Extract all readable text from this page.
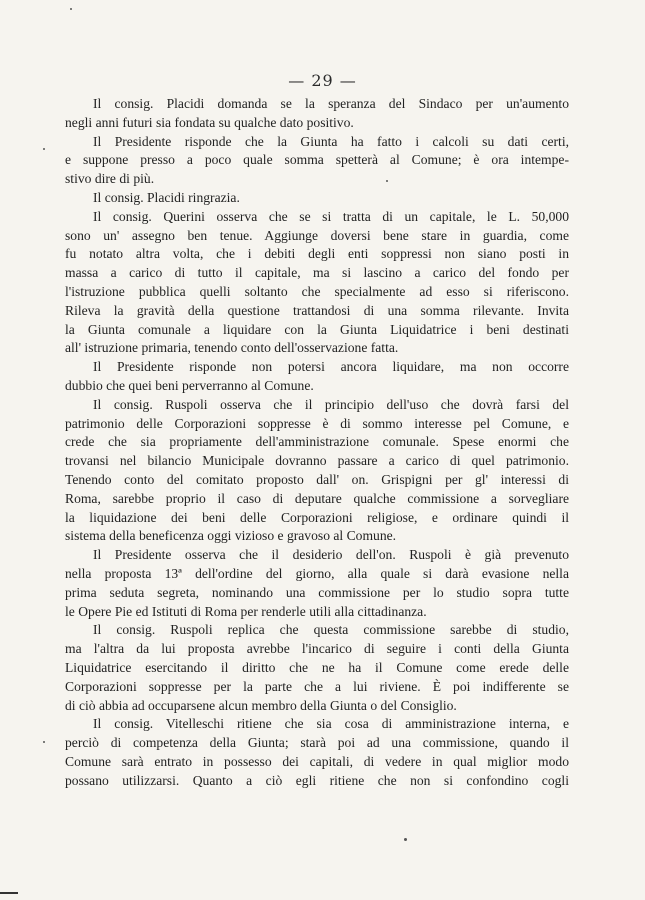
— 29 —
Il consig. Placidi domanda se la speranza del Sindaco per un'aumento
negli anni futuri sia fondata su qualche dato positivo.
Il Presidente risponde che la Giunta ha fatto i calcoli su dati certi,
e suppone presso a poco quale somma spetterà al Comune; è ora intempe-
stivo dire di più.
Il consig. Placidi ringrazia.
Il consig. Querini osserva che se si tratta di un capitale, le L. 50,000
sono un' assegno ben tenue. Aggiunge doversi bene stare in guardia, come
fu notato altra volta, che i debiti degli enti soppressi non siano posti in
massa a carico di tutto il capitale, ma si lascino a carico del fondo per
l'istruzione pubblica quelli soltanto che specialmente ad esso si riferiscono.
Rileva la gravità della questione trattandosi di una somma rilevante. Invita
la Giunta comunale a liquidare con la Giunta Liquidatrice i beni destinati
all' istruzione primaria, tenendo conto dell'osservazione fatta.
Il Presidente risponde non potersi ancora liquidare, ma non occorre
dubbio che quei beni perverranno al Comune.
Il consig. Ruspoli osserva che il principio dell'uso che dovrà farsi del
patrimonio delle Corporazioni soppresse è di sommo interesse pel Comune, e
crede che sia propriamente dell'amministrazione comunale. Spese enormi che
trovansi nel bilancio Municipale dovranno passare a carico di quel patrimonio.
Tenendo conto del comitato proposto dall' on. Grispigni per gl' interessi di
Roma, sarebbe proprio il caso di deputare qualche commissione a sorvegliare
la liquidazione dei beni delle Corporazioni religiose, e ordinare quindi il
sistema della beneficenza oggi vizioso e gravoso al Comune.
Il Presidente osserva che il desiderio dell'on. Ruspoli è già prevenuto
nella proposta 13ª dell'ordine del giorno, alla quale si darà evasione nella
prima seduta segreta, nominando una commissione per lo studio sopra tutte
le Opere Pie ed Istituti di Roma per renderle utili alla cittadinanza.
Il consig. Ruspoli replica che questa commissione sarebbe di studio,
ma l'altra da lui proposta avrebbe l'incarico di seguire i conti della Giunta
Liquidatrice esercitando il diritto che ne ha il Comune come erede delle
Corporazioni soppresse per la parte che a lui riviene. È poi indifferente se
di ciò abbia ad occuparsene alcun membro della Giunta o del Consiglio.
Il consig. Vitelleschi ritiene che sia cosa di amministrazione interna, e
perciò di competenza della Giunta; starà poi ad una commissione, quando il
Comune sarà entrato in possesso dei capitali, di vedere in qual miglior modo
possano utilizzarsi. Quanto a ciò egli ritiene che non si confondino cogli
